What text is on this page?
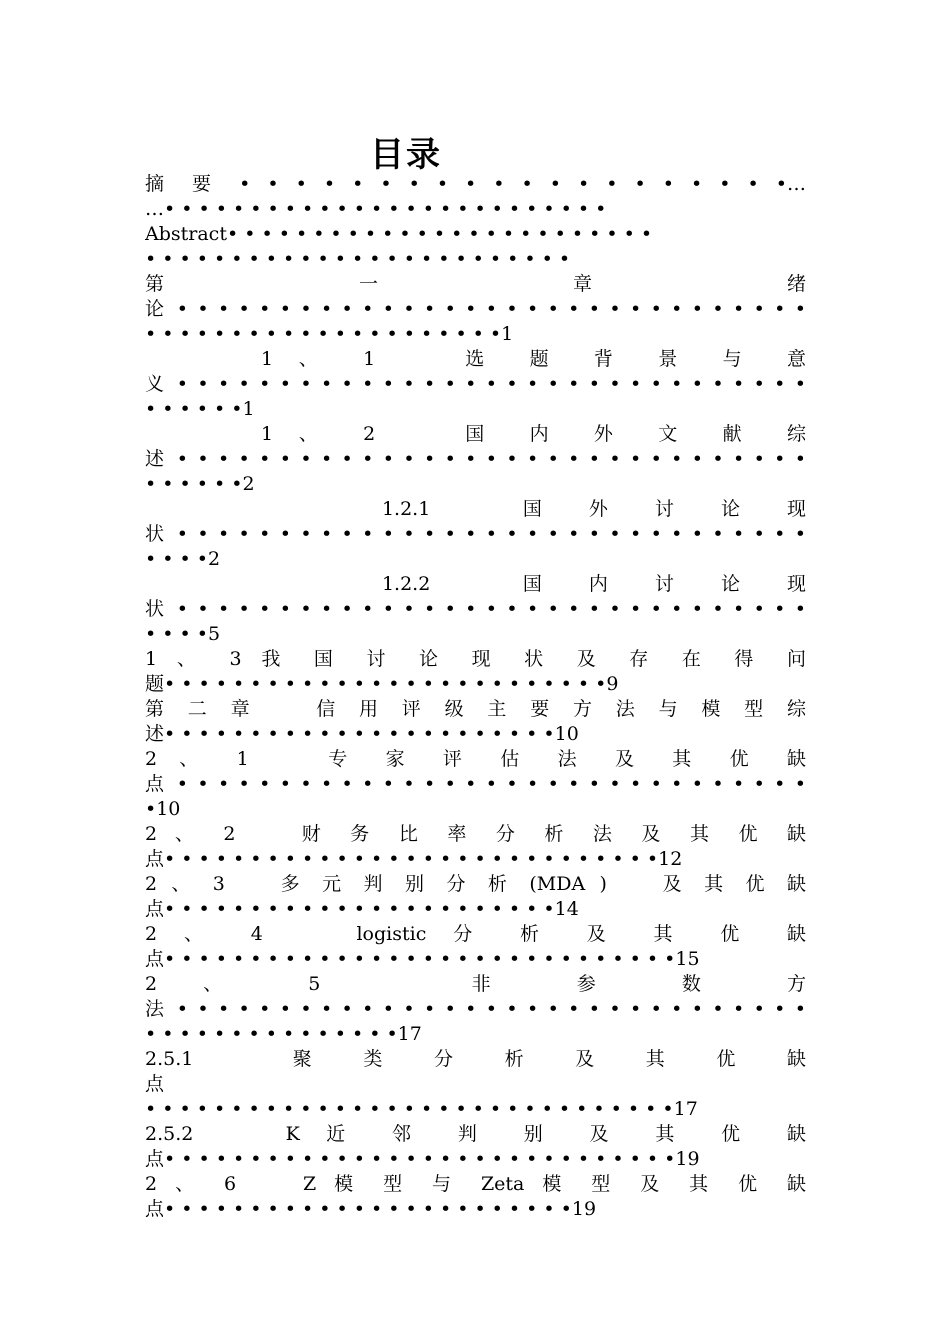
目录
摘 要 • • • • • • • • • • • • • • • • • • • •…
…• • • • • • • • • • • • • • • • • • • • • • • • • •
Abstract• • • • • • • • • • • • • • • • • • • • • • • • •
• • • • • • • • • • • • • • • • • • • • • • • • •
第 一 章 绪
论 • • • • • • • • • • • • • • • • • • • • • • • • • • • • • • •
• • • • • • • • • • • • • • • • • • • • •1
　　　1 、 1 　 选 题 背 景 与 意
义 • • • • • • • • • • • • • • • • • • • • • • • • • • • • • • •
• • • • • •1
　　　1 、 2 　 国 内 外 文 献 综
述 • • • • • • • • • • • • • • • • • • • • • • • • • • • • • • •
• • • • • •2
　　　　　　1.2.1 　 国 外 讨 论 现
状 • • • • • • • • • • • • • • • • • • • • • • • • • • • • • • •
• • • •2
　　　　　　1.2.2 　 国 内 讨 论 现
状 • • • • • • • • • • • • • • • • • • • • • • • • • • • • • • •
• • • •5
1 、 3 我 国 讨 论 现 状 及 存 在 得 问
题• • • • • • • • • • • • • • • • • • • • • • • • • •9
第 二 章 　 信 用 评 级 主 要 方 法 与 模 型 综
述• • • • • • • • • • • • • • • • • • • • • • •10
2 、 1 　 专 家 评 估 法 及 其 优 缺
点 • • • • • • • • • • • • • • • • • • • • • • • • • • • • • • •
•10
2 、 2 　 财 务 比 率 分 析 法 及 其 优 缺
点• • • • • • • • • • • • • • • • • • • • • • • • • • • • •12
2 、 3 　 多 元 判 别 分 析 (MDA ) 　 及 其 优 缺
点• • • • • • • • • • • • • • • • • • • • • • •14
2 、 4 　 logistic 分 析 及 其 优 缺
点• • • • • • • • • • • • • • • • • • • • • • • • • • • • • •15
2 、 5 　 非 参 数 方
法 • • • • • • • • • • • • • • • • • • • • • • • • • • • • • • •
• • • • • • • • • • • • • • •17
2.5.1 　 聚 类 分 析 及 其 优 缺
点
• • • • • • • • • • • • • • • • • • • • • • • • • • • • • • •17
2.5.2 　 K 近 邻 判 别 及 其 优 缺
点• • • • • • • • • • • • • • • • • • • • • • • • • • • • • •19
2 、 6 　 Z 模 型 与 Zeta 模 型 及 其 优 缺
点• • • • • • • • • • • • • • • • • • • • • • • •19
